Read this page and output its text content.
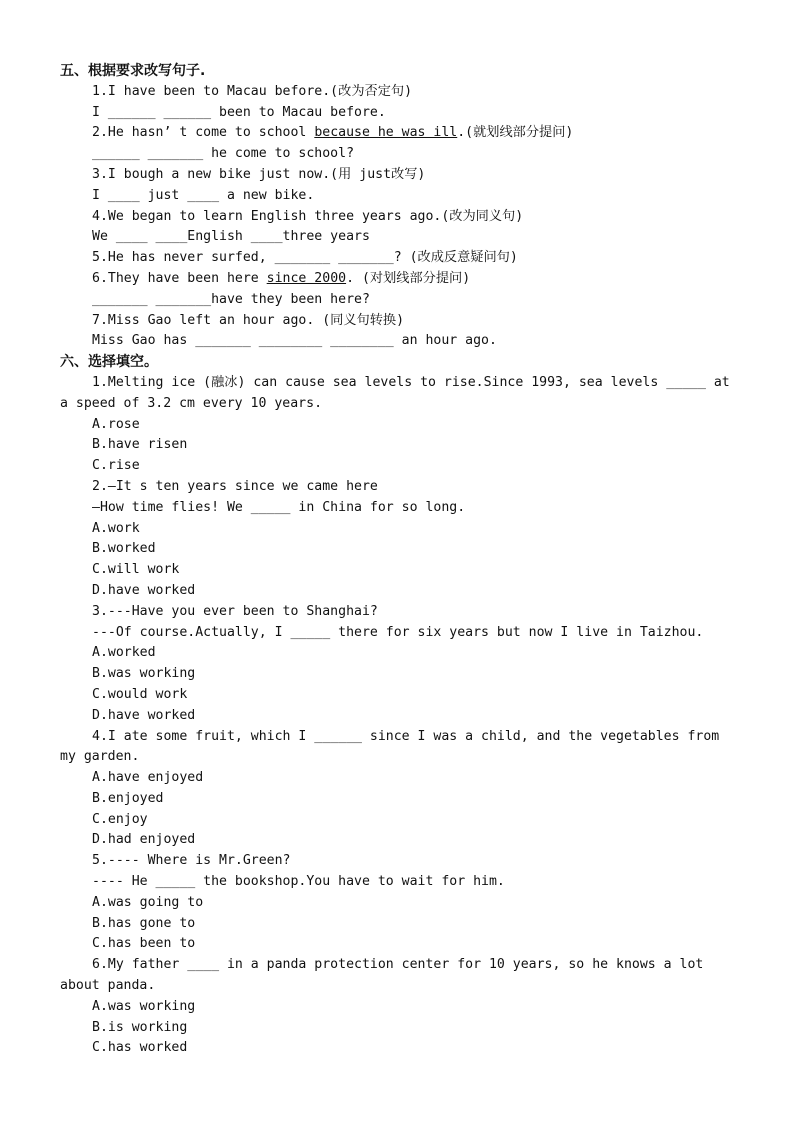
五、根据要求改写句子.
1.I have been to Macau before.(改为否定句)
I ______ ______ been to Macau before.
2.He hasn’ t come to school because he was ill.(就划线部分提问)
______ _______ he come to school?
3.I bough a new bike just now.(用 just改写)
I ____ just ____ a new bike.
4.We began to learn English three years ago.(改为同义句)
We ____ ____English ____three years
5.He has never surfed, _______ _______? (改成反意疑问句)
6.They have been here since 2000. (对划线部分提问)
_______ _______have they been here?
7.Miss Gao left an hour ago. (同义句转换)
Miss Gao has _______ ________ ________ an hour ago.
六、选择填空。
1.Melting ice (融冰) can cause sea levels to rise.Since 1993, sea levels _____ at a speed of 3.2 cm every 10 years.
A.rose
B.have risen
C.rise
2.—It s ten years since we came here
—How time flies! We _____ in China for so long.
A.work
B.worked
C.will work
D.have worked
3.---Have you ever been to Shanghai?
---Of course.Actually, I _____ there for six years but now I live in Taizhou.
A.worked
B.was working
C.would work
D.have worked
4.I ate some fruit, which I ______ since I was a child, and the vegetables from my garden.
A.have enjoyed
B.enjoyed
C.enjoy
D.had enjoyed
5.---- Where is Mr.Green?
---- He _____ the bookshop.You have to wait for him.
A.was going to
B.has gone to
C.has been to
6.My father ____ in a panda protection center for 10 years, so he knows a lot about panda.
A.was working
B.is working
C.has worked
